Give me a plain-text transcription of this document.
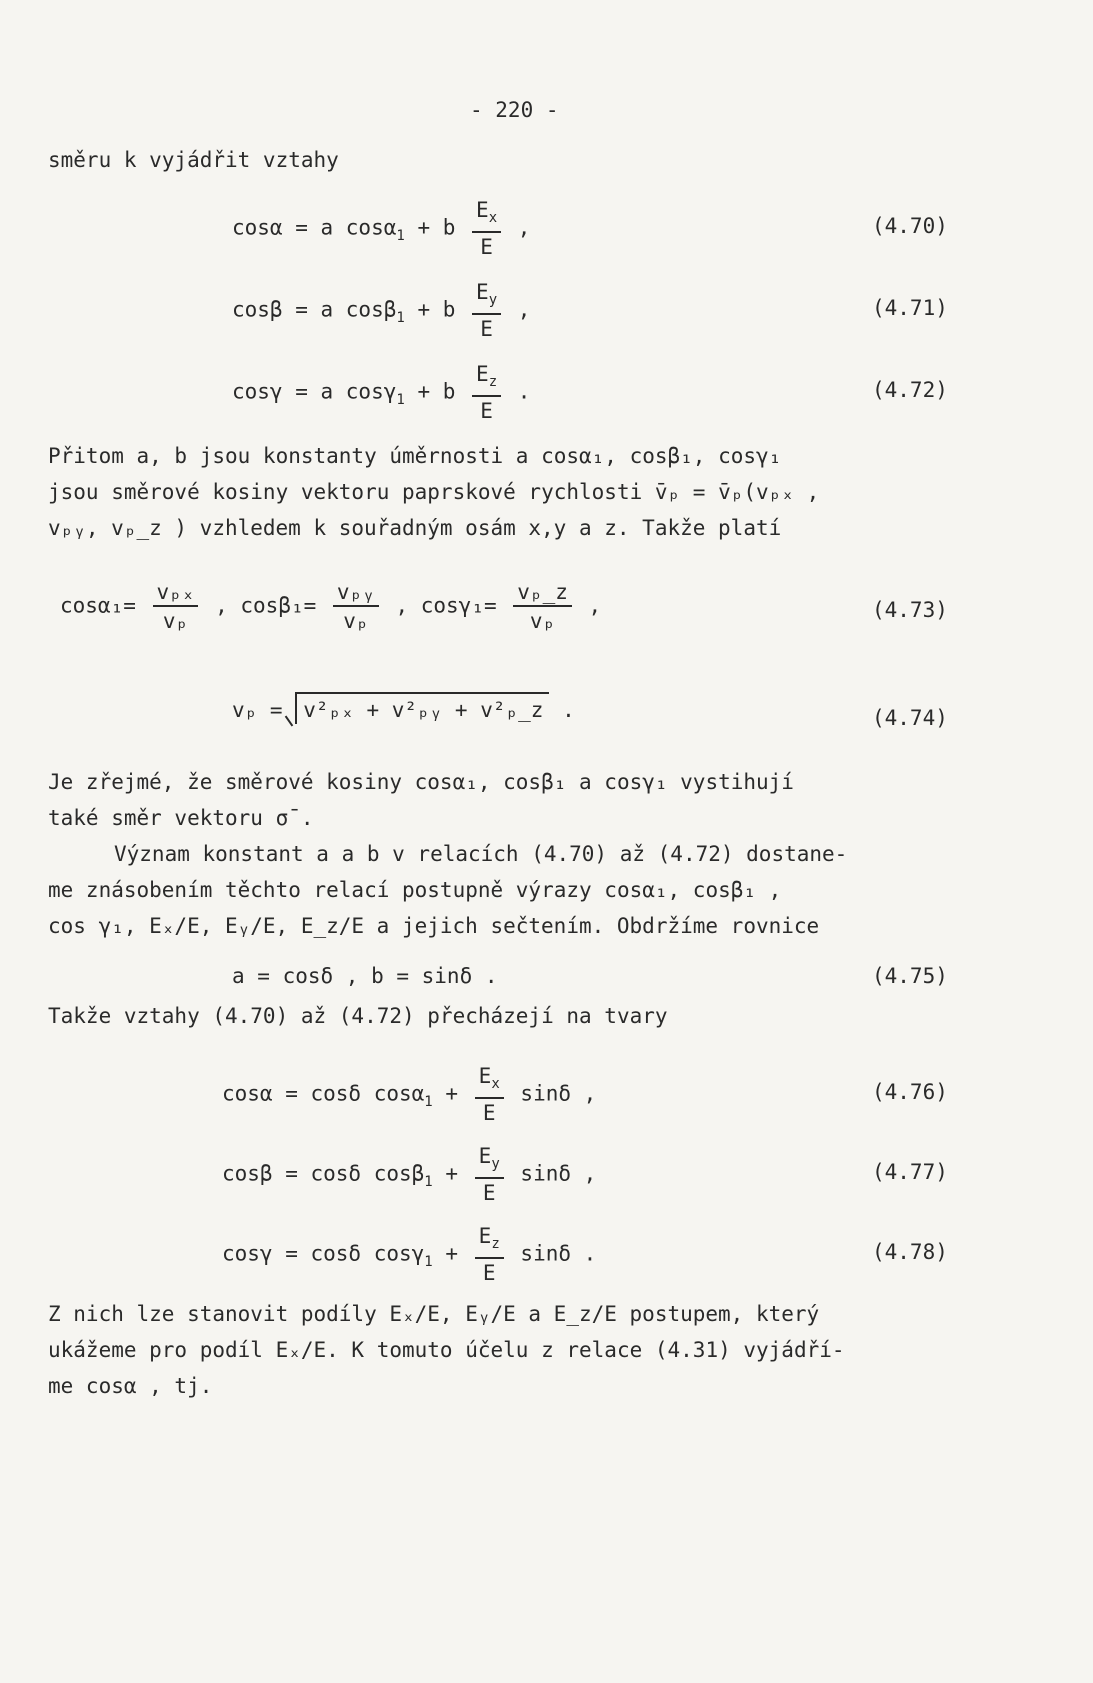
- 220 -
směru k vyjádřit vztahy
cosα = a cosα$_1$ + b $\frac{E_x}{E}$ ,	(4.70)
cosβ = a cosβ$_1$ + b $\frac{E_y}{E}$ ,	(4.71)
cosγ = a cosγ$_1$ + b $\frac{E_z}{E}$ .	(4.72)
Přitom a, b jsou konstanty úměrnosti a cosα₁, cosβ₁, cosγ₁
jsou směrové kosiny vektoru paprskové rychlosti v̄ₚ = v̄ₚ(vₚₓ ,
vₚᵧ, vₚ_z ) vzhledem k souřadným osám x,y a z. Takže platí
$\cos\alpha_1= \frac{\text{vₚₓ}}{\text{vₚ}}$ , $\cos\beta_1= \frac{\text{vₚᵧ}}{\text{vₚ}}$ , $\cos\gamma_1= \frac{\text{vₚ\_z}}{\text{vₚ}}$ ,	(4.73)
vₚ = v²ₚₓ + v²ₚᵧ + v²ₚ_z .	(4.74)
Je zřejmé, že směrové kosiny cosα₁, cosβ₁ a cosγ₁ vystihují
také směr vektoru σ̄ .
Význam konstant a a b v relacích (4.70) až (4.72) dostane-
me znásobením těchto relací postupně výrazy cosα₁, cosβ₁ ,
cos γ₁, Eₓ/E, Eᵧ/E, E_z/E a jejich sečtením. Obdržíme rovnice
a = cosδ , b = sinδ .	(4.75)
Takže vztahy (4.70) až (4.72) přecházejí na tvary
cosα = cosδ $\cos\alpha_1 + \frac{E_x}{E}$ sinδ ,	(4.76)
cosβ = cosδ $\cos\beta_1 + \frac{E_y}{E}$ sinδ ,	(4.77)
cosγ = cosδ $\cos\gamma_1 + \frac{E_z}{E}$ sinδ .	(4.78)
Z nich lze stanovit podíly Eₓ/E, Eᵧ/E a E_z/E postupem, který
ukážeme pro podíl Eₓ/E. K tomuto účelu z relace (4.31) vyjádří-
me cosα , tj.
